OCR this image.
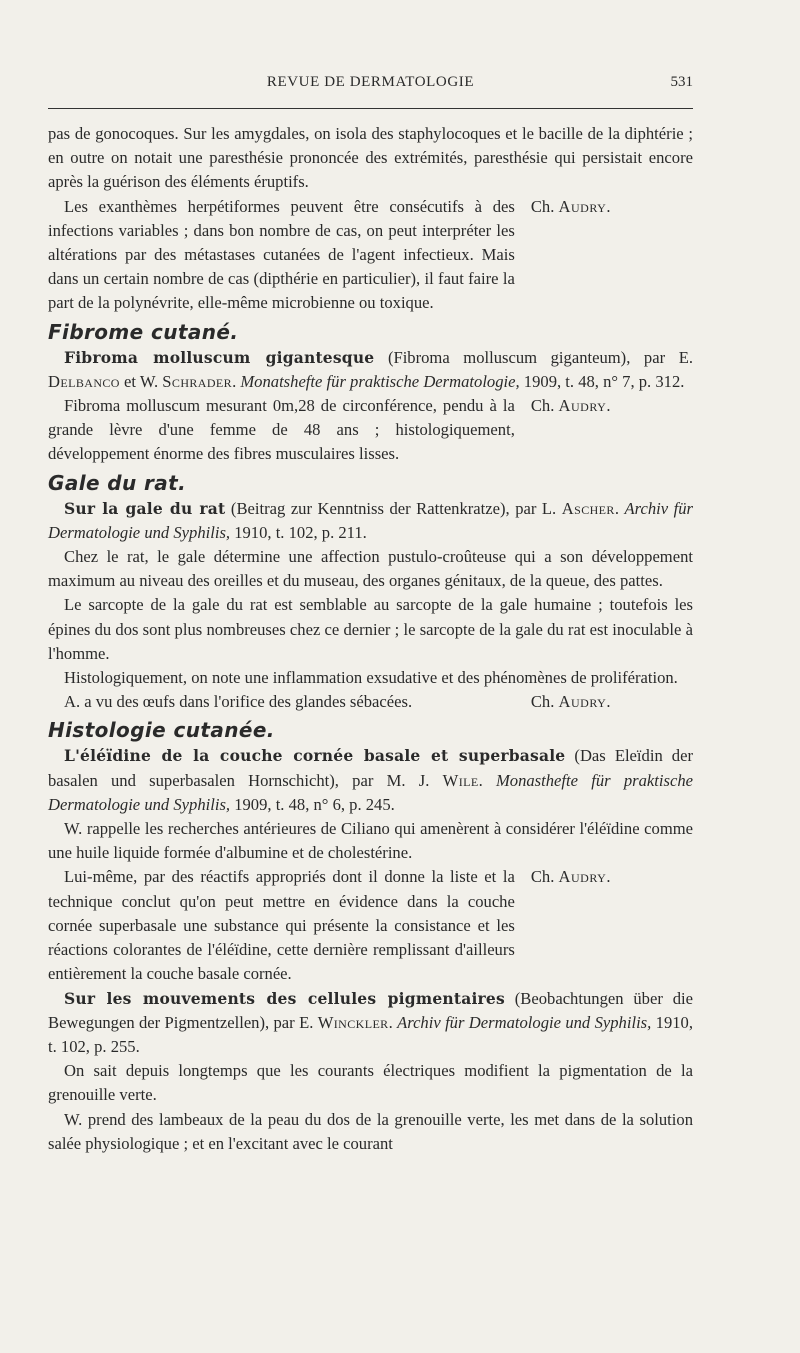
REVUE DE DERMATOLOGIE	531

pas de gonocoques. Sur les amygdales, on isola des staphylocoques et le bacille de la diphtérie ; en outre on notait une paresthésie prononcée des extrémités, paresthésie qui persistait encore après la guérison des éléments éruptifs.

Les exanthèmes herpétiformes peuvent être consécutifs à des infections variables ; dans bon nombre de cas, on peut interpréter les altérations par des métastases cutanées de l'agent infectieux. Mais dans un certain nombre de cas (dipthérie en particulier), il faut faire la part de la polynévrite, elle-même microbienne ou toxique.
Ch. Audry.

Fibrome cutané.

Fibroma molluscum gigantesque (Fibroma molluscum giganteum), par E. Delbanco et W. Schrader. Monatshefte für praktische Dermatologie, 1909, t. 48, n° 7, p. 312.

Fibroma molluscum mesurant 0m,28 de circonférence, pendu à la grande lèvre d'une femme de 48 ans ; histologiquement, développement énorme des fibres musculaires lisses.
Ch. Audry.

Gale du rat.

Sur la gale du rat (Beitrag zur Kenntniss der Rattenkratze), par L. Ascher. Archiv für Dermatologie und Syphilis, 1910, t. 102, p. 211.

Chez le rat, le gale détermine une affection pustulo-croûteuse qui a son développement maximum au niveau des oreilles et du museau, des organes génitaux, de la queue, des pattes.

Le sarcopte de la gale du rat est semblable au sarcopte de la gale humaine ; toutefois les épines du dos sont plus nombreuses chez ce dernier ; le sarcopte de la gale du rat est inoculable à l'homme.

Histologiquement, on note une inflammation exsudative et des phénomènes de prolifération.

A. a vu des œufs dans l'orifice des glandes sébacées.	Ch. Audry.

Histologie cutanée.

L'éléïdine de la couche cornée basale et superbasale (Das Eleïdin der basalen und superbasalen Hornschicht), par M. J. Wile. Monasthefte für praktische Dermatologie und Syphilis, 1909, t. 48, n° 6, p. 245.

W. rappelle les recherches antérieures de Ciliano qui amenèrent à considérer l'éléïdine comme une huile liquide formée d'albumine et de cholestérine.

Lui-même, par des réactifs appropriés dont il donne la liste et la technique conclut qu'on peut mettre en évidence dans la couche cornée superbasale une substance qui présente la consistance et les réactions colorantes de l'éléïdine, cette dernière remplissant d'ailleurs entièrement la couche basale cornée.
Ch. Audry.

Sur les mouvements des cellules pigmentaires (Beobachtungen über die Bewegungen der Pigmentzellen), par E. Winckler. Archiv für Dermatologie und Syphilis, 1910, t. 102, p. 255.

On sait depuis longtemps que les courants électriques modifient la pigmentation de la grenouille verte.

W. prend des lambeaux de la peau du dos de la grenouille verte, les met dans de la solution salée physiologique ; et en l'excitant avec le courant
